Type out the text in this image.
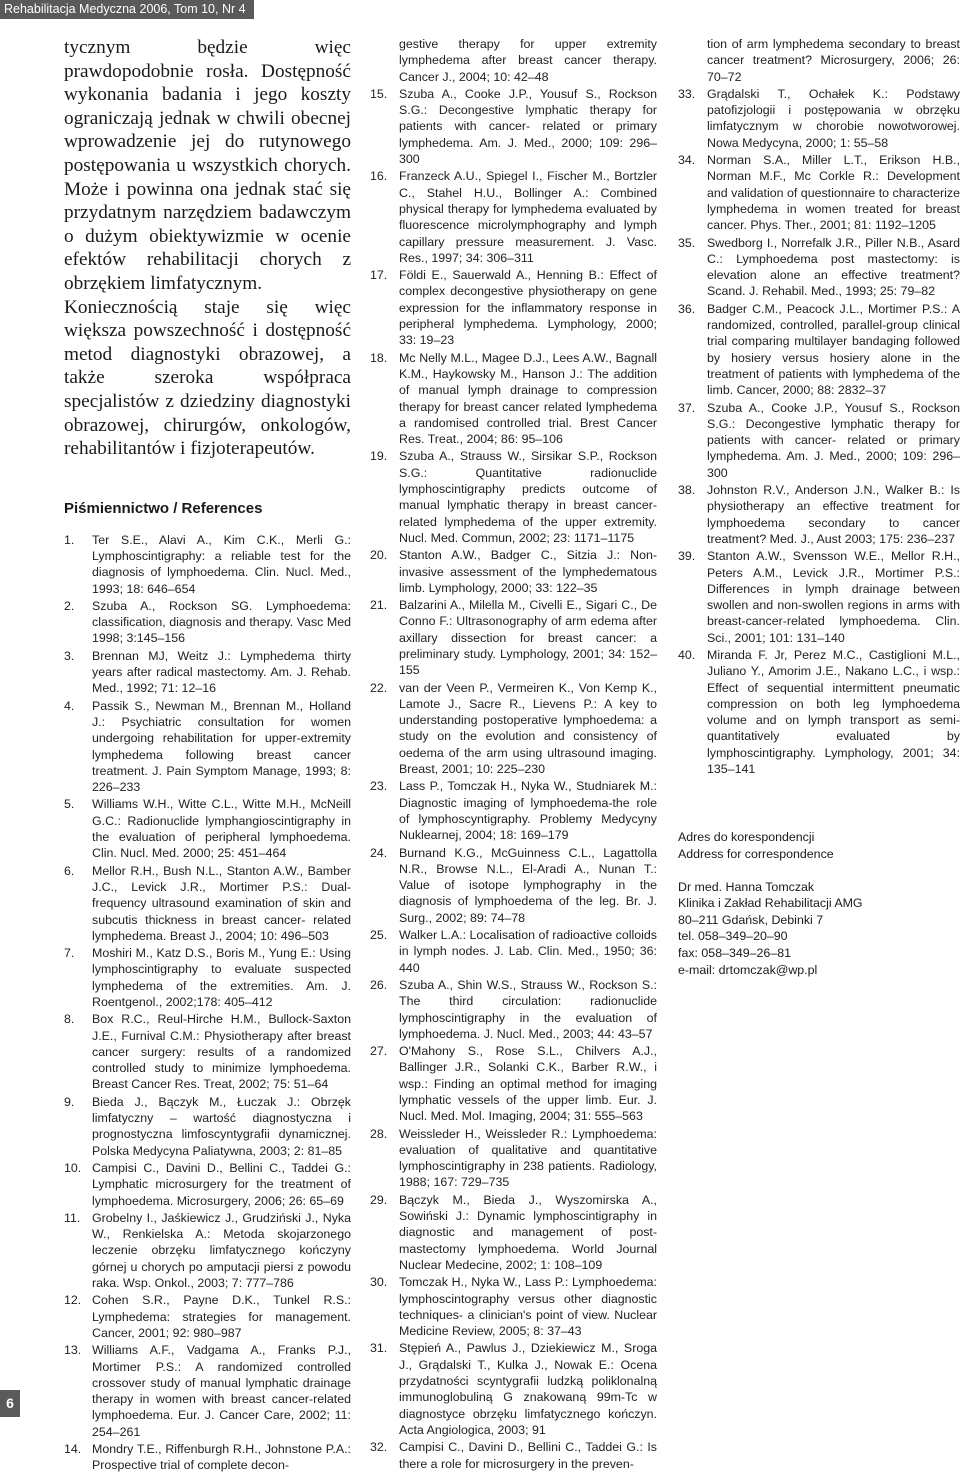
Rehabilitacja Medyczna 2006, Tom 10, Nr 4

tycznym będzie więc prawdopodobnie rosła. Dostępność wykonania badania i jego koszty ograniczają jednak w chwili obecnej wprowadzenie jej do rutynowego postępowania u wszystkich chorych. Może i powinna ona jednak stać się przydatnym narzędziem badawczym o dużym obiektywizmie w ocenie efektów rehabilitacji chorych z obrzękiem limfatycznym.

Koniecznością staje się więc większa powszechność i dostępność metod diagnostyki obrazowej, a także szeroka współpraca specjalistów z dziedziny diagnostyki obrazowej, chirurgów, onkologów, rehabilitantów i fizjoterapeutów.

Piśmiennictwo / References
1.	Ter S.E., Alavi A., Kim C.K., Merli G.: Lymphoscintigraphy: a reliable test for the diagnosis of lymphoedema. Clin. Nucl. Med., 1993; 18: 646–654
2.	Szuba A., Rockson SG. Lymphoedema: classification, diagnosis and therapy. Vasc Med 1998; 3:145–156
3.	Brennan MJ, Weitz J.: Lymphedema thirty years after radical mastectomy. Am. J. Rehab. Med., 1992; 71: 12–16
4.	Passik S., Newman M., Brennan M., Holland J.: Psychiatric consultation for women undergoing rehabilitation for upper-extremity lymphedema following breast cancer treatment. J. Pain Symptom Manage, 1993; 8: 226–233
5.	Williams W.H., Witte C.L., Witte M.H., McNeill G.C.: Radionuclide lymphangioscintigraphy in the evaluation of peripheral lymphoedema. Clin. Nucl. Med. 2000; 25: 451–464
6.	Mellor R.H., Bush N.L., Stanton A.W., Bamber J.C., Levick J.R., Mortimer P.S.: Dual-frequency ultrasound examination of skin and subcutis thickness in breast cancer- related lymphedema. Breast J., 2004; 10: 496–503
7.	Moshiri M., Katz D.S., Boris M., Yung E.: Using lymphoscintigraphy to evaluate suspected lymphedema of the extremities. Am. J. Roentgenol., 2002;178: 405–412
8.	Box R.C., Reul-Hirche H.M., Bullock-Saxton J.E., Furnival C.M.: Physiotherapy after breast cancer surgery: results of a randomized controlled study to minimize lymphoedema. Breast Cancer Res. Treat, 2002; 75: 51–64
9.	Bieda J., Bączyk M., Łuczak J.: Obrzęk limfatyczny – wartość diagnostyczna i prognostyczna limfoscyntygrafii dynamicznej. Polska Medycyna Paliatywna, 2003; 2: 81–85
10. Campisi C., Davini D., Bellini C., Taddei G.: Lymphatic microsurgery for the treatment of lymphoedema. Microsurgery, 2006; 26: 65–69
11. Grobelny I., Jaśkiewicz J., Grudziński J., Nyka W., Renkielska A.: Metoda skojarzonego leczenie obrzęku limfatycznego kończyny górnej u chorych po amputacji piersi z powodu raka. Wsp. Onkol., 2003; 7: 777–786
12. Cohen S.R., Payne D.K., Tunkel R.S.: Lymphedema: strategies for management. Cancer, 2001; 92: 980–987
13. Williams A.F., Vadgama A., Franks P.J., Mortimer P.S.: A randomized controlled crossover study of manual lymphatic drainage therapy in women with breast cancer-related lymphoedema. Eur. J. Cancer Care, 2002; 11: 254–261
14. Mondry T.E., Riffenburgh R.H., Johnstone P.A.: Prospective trial of complete decon-
gestive therapy for upper extremity lymphedema after breast cancer therapy. Cancer J., 2004; 10: 42–48
15. Szuba A., Cooke J.P., Yousuf S., Rockson S.G.: Decongestive lymphatic therapy for patients with cancer- related or primary lymphedema. Am. J. Med., 2000; 109: 296–300
16. Franzeck A.U., Spiegel I., Fischer M., Bortzler C., Stahel H.U., Bollinger A.: Combined physical therapy for lymphedema evaluated by fluorescence microlymphography and lymph capillary pressure measurement. J. Vasc. Res., 1997; 34: 306–311
17. Földi E., Sauerwald A., Henning B.: Effect of complex decongestive physiotherapy on gene expression for the inflammatory response in peripheral lymphedema. Lymphology, 2000; 33: 19–23
18. Mc Nelly M.L., Magee D.J., Lees A.W., Bagnall K.M., Haykowsky M., Hanson J.: The addition of manual lymph drainage to compression therapy for breast cancer related lymphedema a randomised controlled trial. Brest Cancer Res. Treat., 2004; 86: 95–106
19. Szuba A., Strauss W., Sirsikar S.P., Rockson S.G.: Quantitative radionuclide lymphoscintigraphy predicts outcome of manual lymphatic therapy in breast cancer-related lymphedema of the upper extremity. Nucl. Med. Commun, 2002; 23: 1171–1175
20. Stanton A.W., Badger C., Sitzia J.: Non- invasive assessment of the lymphedematous limb. Lymphology, 2000; 33: 122–35
21. Balzarini A., Milella M., Civelli E., Sigari C., De Conno F.: Ultrasonography of arm edema after axillary dissection for breast cancer: a preliminary study. Lymphology, 2001; 34: 152–155
22. van der Veen P., Vermeiren K., Von Kemp K., Lamote J., Sacre R., Lievens P.: A key to understanding postoperative lymphoedema: a study on the evolution and consistency of oedema of the arm using ultrasound imaging. Breast, 2001; 10: 225–230
23. Lass P., Tomczak H., Nyka W., Studniarek M.: Diagnostic imaging of lymphoedema-the role of lymphoscyntigraphy. Problemy Medycyny Nuklearnej, 2004; 18: 169–179
24. Burnand K.G., McGuinness C.L., Lagattolla N.R., Browse N.L., El-Aradi A., Nunan T.: Value of isotope lymphography in the diagnosis of lymphoedema of the leg. Br. J. Surg., 2002; 89: 74–78
25. Walker L.A.: Localisation of radioactive colloids in lymph nodes. J. Lab. Clin. Med., 1950; 36: 440
26. Szuba A., Shin W.S., Strauss W., Rockson S.: The third circulation: radionuclide lymphoscintigraphy in the evaluation of lymphoedema. J. Nucl. Med., 2003; 44: 43–57
27. O'Mahony S., Rose S.L., Chilvers A.J., Ballinger J.R., Solanki C.K., Barber R.W., i wsp.: Finding an optimal method for imaging lymphatic vessels of the upper limb. Eur. J. Nucl. Med. Mol. Imaging, 2004; 31: 555–563
28. Weissleder H., Weissleder R.: Lymphoedema: evaluation of qualitative and quantitative lymphoscintigraphy in 238 patients. Radiology, 1988; 167: 729–735
29. Bączyk M., Bieda J., Wyszomirska A., Sowiński J.: Dynamic lymphoscintigraphy in diagnostic and management of post- mastectomy lymphoedema. World Journal Nuclear Medecine, 2002; 1: 108–109
30. Tomczak H., Nyka W., Lass P.: Lymphoedema: lymphoscintography versus other diagnostic techniques- a clinician's point of view. Nuclear Medicine Review, 2005; 8: 37–43
31. Stępień A., Pawlus J., Dziekiewicz M., Sroga J., Grądalski T., Kulka J., Nowak E.: Ocena przydatności scyntygrafii ludzką poliklonalną immunoglobuliną G znakowaną 99m-Tc w diagnostyce obrzęku limfatycznego kończyn. Acta Angiologica, 2003; 91
32. Campisi C., Davini D., Bellini C., Taddei G.: Is there a role for microsurgery in the preven-
tion of arm lymphedema secondary to breast cancer treatment? Microsurgery, 2006; 26: 70–72
33. Grądalski T., Ochałek K.: Podstawy patofizjologii i postępowania w obrzęku limfatycznym w chorobie nowotworowej. Nowa Medycyna, 2000; 1: 55–58
34. Norman S.A., Miller L.T., Erikson H.B., Norman M.F., Mc Corkle R.: Development and validation of questionnaire to characterize lymphedema in women treated for breast cancer. Phys. Ther., 2001; 81: 1192–1205
35. Swedborg I., Norrefalk J.R., Piller N.B., Asard C.: Lymphoedema post mastectomy: is elevation alone an effective treatment? Scand. J. Rehabil. Med., 1993; 25: 79–82
36. Badger C.M., Peacock J.L., Mortimer P.S.: A randomized, controlled, parallel-group clinical trial comparing multilayer bandaging followed by hosiery versus hosiery alone in the treatment of patients with lymphedema of the limb. Cancer, 2000; 88: 2832–37
37. Szuba A., Cooke J.P., Yousuf S., Rockson S.G.: Decongestive lymphatic therapy for patients with cancer- related or primary lymphedema. Am. J. Med., 2000; 109: 296–300
38. Johnston R.V., Anderson J.N., Walker B.: Is physiotherapy an effective treatment for lymphoedema secondary to cancer treatment? Med. J., Aust 2003; 175: 236–237
39. Stanton A.W., Svensson W.E., Mellor R.H., Peters A.M., Levick J.R., Mortimer P.S.: Differences in lymph drainage between swollen and non-swollen regions in arms with breast-cancer-related lymphoedema. Clin. Sci., 2001; 101: 131–140
40. Miranda F. Jr, Perez M.C., Castiglioni M.L., Juliano Y., Amorim J.E., Nakano L.C., i wsp.: Effect of sequential intermittent pneumatic compression on both leg lymphoedema volume and on lymph transport as semi-quantitatively evaluated by lymphoscintigraphy. Lymphology, 2001; 34: 135–141
Adres do korespondencji
Address for correspondence
Dr med. Hanna Tomczak
Klinika i Zakład Rehabilitacji AMG
80–211 Gdańsk, Debinki 7
tel. 058–349–20–90
fax: 058–349–26–81
e-mail: drtomczak@wp.pl
6
